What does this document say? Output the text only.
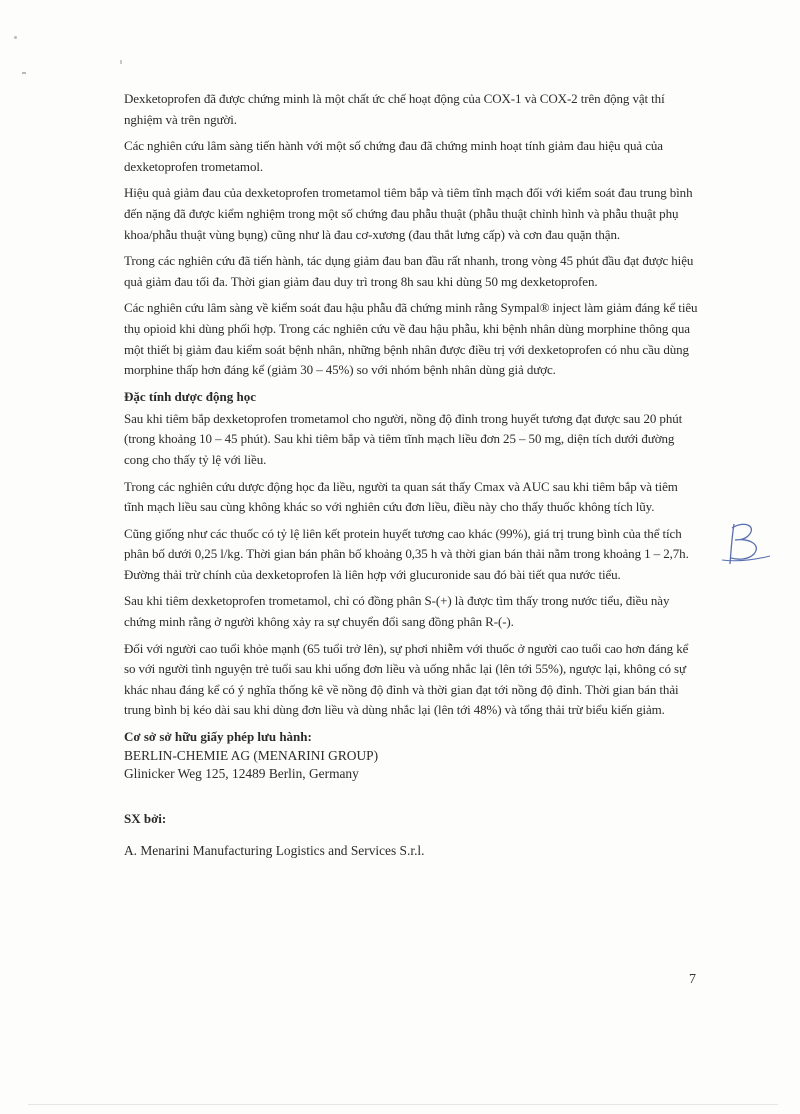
Dexketoprofen đã được chứng minh là một chất ức chế hoạt động của COX-1 và COX-2 trên động vật thí nghiệm và trên người.

Các nghiên cứu lâm sàng tiến hành với một số chứng đau đã chứng minh hoạt tính giảm đau hiệu quả của dexketoprofen trometamol.

Hiệu quả giảm đau của dexketoprofen trometamol tiêm bắp và tiêm tĩnh mạch đối với kiểm soát đau trung bình đến nặng đã được kiểm nghiệm trong một số chứng đau phẫu thuật (phẫu thuật chỉnh hình và phẫu thuật phụ khoa/phẫu thuật vùng bụng) cũng như là đau cơ-xương (đau thắt lưng cấp) và cơn đau quặn thận.

Trong các nghiên cứu đã tiến hành, tác dụng giảm đau ban đầu rất nhanh, trong vòng 45 phút đầu đạt được hiệu quả giảm đau tối đa. Thời gian giảm đau duy trì trong 8h sau khi dùng 50 mg dexketoprofen.

Các nghiên cứu lâm sàng về kiểm soát đau hậu phẫu đã chứng minh rằng Sympal® inject làm giảm đáng kể tiêu thụ opioid khi dùng phối hợp. Trong các nghiên cứu về đau hậu phẫu, khi bệnh nhân dùng morphine thông qua một thiết bị giảm đau kiểm soát bệnh nhân, những bệnh nhân được điều trị với dexketoprofen có nhu cầu dùng morphine thấp hơn đáng kể (giảm 30 – 45%) so với nhóm bệnh nhân dùng giả dược.

Đặc tính dược động học

Sau khi tiêm bắp dexketoprofen trometamol cho người, nồng độ đỉnh trong huyết tương đạt được sau 20 phút (trong khoảng 10 – 45 phút). Sau khi tiêm bắp và tiêm tĩnh mạch liều đơn 25 – 50 mg, diện tích dưới đường cong cho thấy tỷ lệ với liều.

Trong các nghiên cứu dược động học đa liều, người ta quan sát thấy Cmax và AUC sau khi tiêm bắp và tiêm tĩnh mạch liều sau cùng không khác so với nghiên cứu đơn liều, điều này cho thấy thuốc không tích lũy.

Cũng giống như các thuốc có tỷ lệ liên kết protein huyết tương cao khác (99%), giá trị trung bình của thể tích phân bố dưới 0,25 l/kg. Thời gian bán phân bố khoảng 0,35 h và thời gian bán thải nằm trong khoảng 1 – 2,7h. Đường thải trừ chính của dexketoprofen là liên hợp với glucuronide sau đó bài tiết qua nước tiểu.

Sau khi tiêm dexketoprofen trometamol, chỉ có đồng phân S-(+) là được tìm thấy trong nước tiểu, điều này chứng minh rằng ở người không xảy ra sự chuyển đổi sang đồng phân R-(-).

Đối với người cao tuổi khỏe mạnh (65 tuổi trở lên), sự phơi nhiễm với thuốc ở người cao tuổi cao hơn đáng kể so với người tình nguyện trẻ tuổi sau khi uống đơn liều và uống nhắc lại (lên tới 55%), ngược lại, không có sự khác nhau đáng kể có ý nghĩa thống kê về nồng độ đỉnh và thời gian đạt tới nồng độ đỉnh. Thời gian bán thải trung bình bị kéo dài sau khi dùng đơn liều và dùng nhắc lại (lên tới 48%) và tổng thải trừ biểu kiến giảm.

Cơ sở sở hữu giấy phép lưu hành:

BERLIN-CHEMIE AG (MENARINI GROUP)

Glinicker Weg 125, 12489 Berlin, Germany

SX bởi:

A. Menarini Manufacturing Logistics and Services S.r.l.

7
